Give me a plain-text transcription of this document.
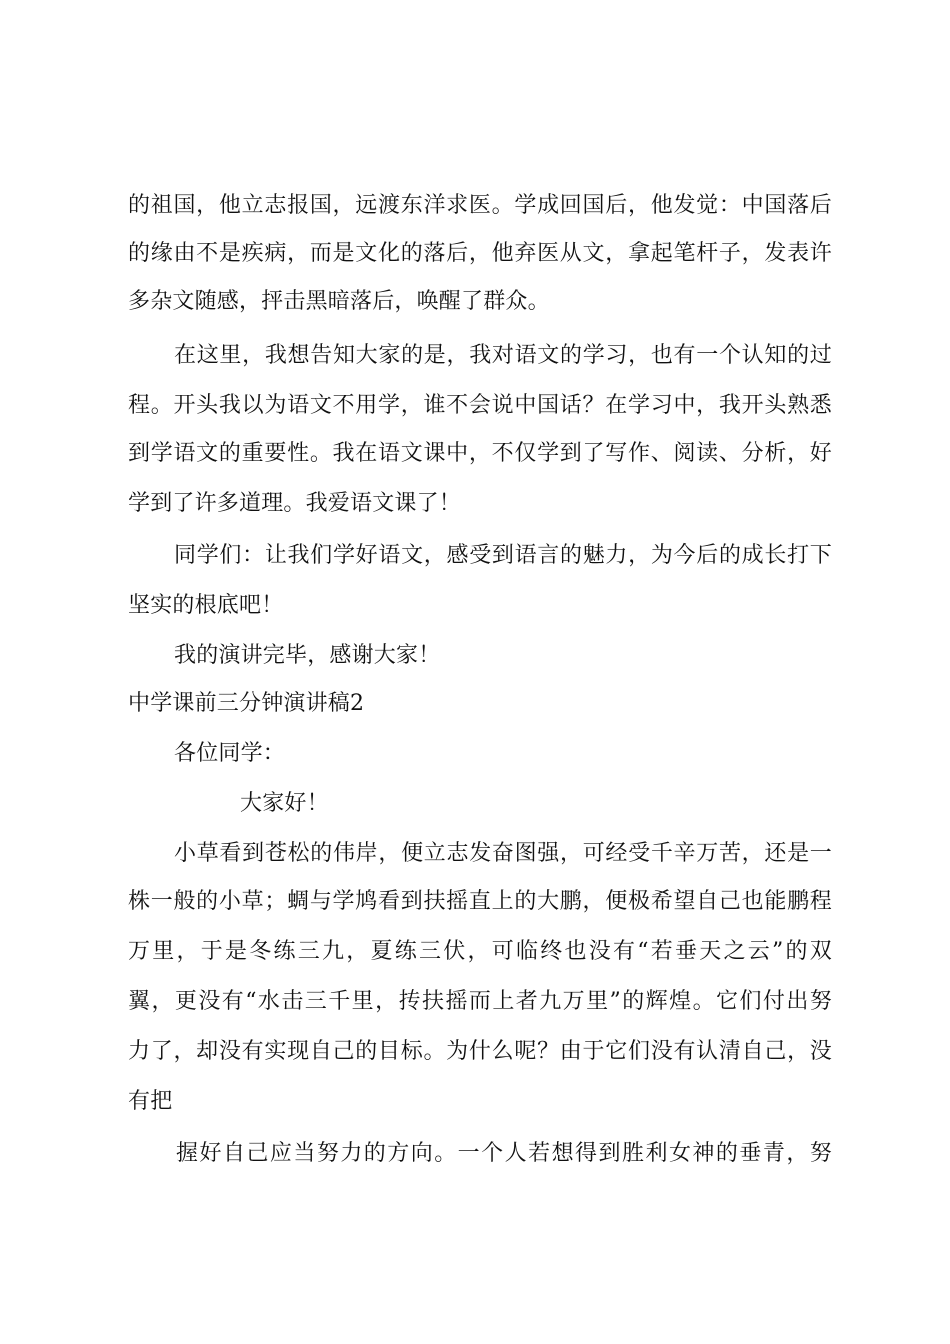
的祖国，他立志报国，远渡东洋求医。学成回国后，他发觉：中国落后
的缘由不是疾病，而是文化的落后，他弃医从文，拿起笔杆子，发表许
多杂文随感，抨击黑暗落后，唤醒了群众。
在这里，我想告知大家的是，我对语文的学习，也有一个认知的过
程。开头我以为语文不用学，谁不会说中国话？在学习中，我开头熟悉
到学语文的重要性。我在语文课中，不仅学到了写作、阅读、分析，好
学到了许多道理。我爱语文课了！
同学们：让我们学好语文，感受到语言的魅力，为今后的成长打下
坚实的根底吧！
我的演讲完毕，感谢大家！
中学课前三分钟演讲稿2
各位同学：
大家好！
小草看到苍松的伟岸，便立志发奋图强，可经受千辛万苦，还是一
株一般的小草；蜩与学鸠看到扶摇直上的大鹏，便极希望自己也能鹏程
万里，于是冬练三九，夏练三伏，可临终也没有“若垂天之云”的双
翼，更没有“水击三千里，抟扶摇而上者九万里”的辉煌。它们付出努
力了，却没有实现自己的目标。为什么呢？由于它们没有认清自己，没
有把
握好自己应当努力的方向。一个人若想得到胜利女神的垂青，努
